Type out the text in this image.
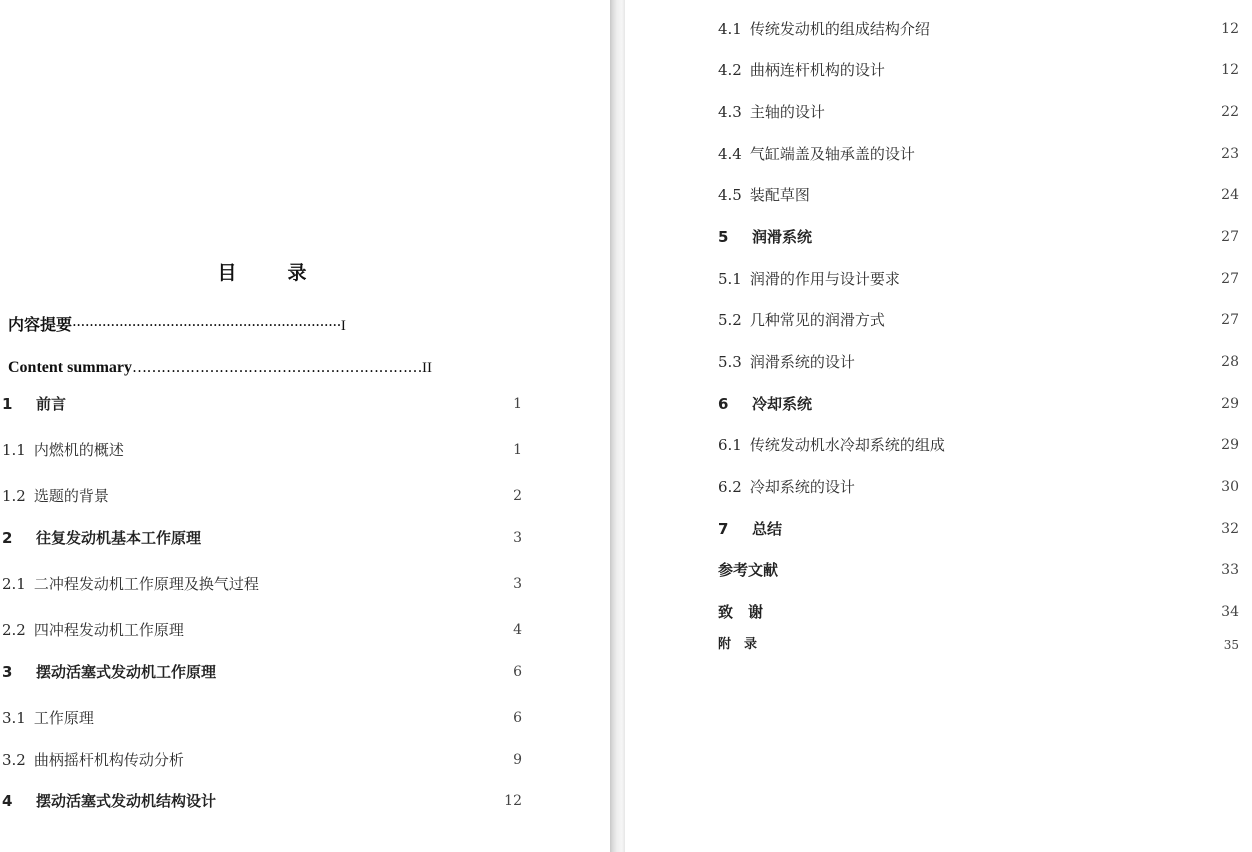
目　录
内容提要·······························································I
Content summary……………………………………………………II
1 前言	1
1.1 内燃机的概述	1
1.2 选题的背景	2
2 往复发动机基本工作原理	3
2.1 二冲程发动机工作原理及换气过程	3
2.2 四冲程发动机工作原理	4
3 摆动活塞式发动机工作原理	6
3.1 工作原理	6
3.2 曲柄摇杆机构传动分析	9
4 摆动活塞式发动机结构设计	12
4.1 传统发动机的组成结构介绍	12
4.2 曲柄连杆机构的设计	12
4.3 主轴的设计	22
4.4 气缸端盖及轴承盖的设计	23
4.5 装配草图	24
5 润滑系统	27
5.1 润滑的作用与设计要求	27
5.2 几种常见的润滑方式	27
5.3 润滑系统的设计	28
6 冷却系统	29
6.1 传统发动机水冷却系统的组成	29
6.2 冷却系统的设计	30
7 总结	32
参考文献	33
致　谢	34
附　录	35
